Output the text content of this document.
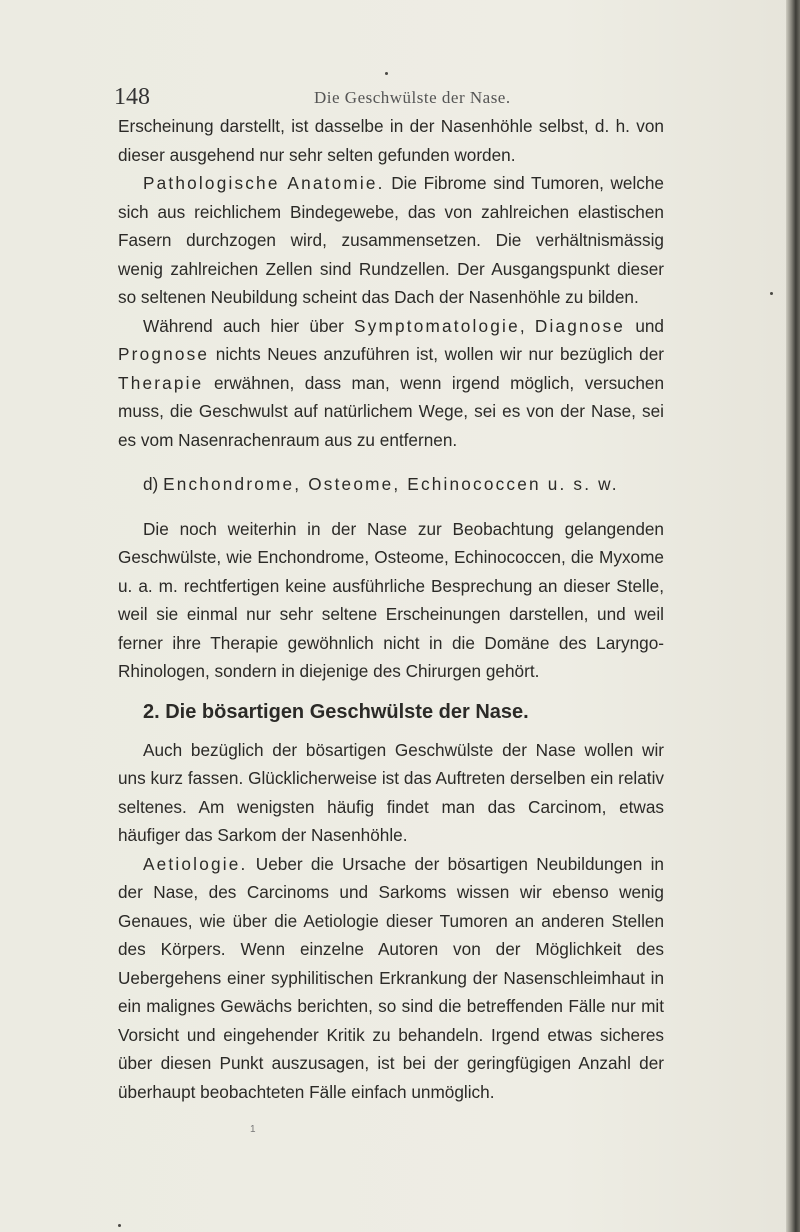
148	Die Geschwülste der Nase.

Erscheinung darstellt, ist dasselbe in der Nasenhöhle selbst, d. h. von dieser ausgehend nur sehr selten gefunden worden.

Pathologische Anatomie. Die Fibrome sind Tumoren, welche sich aus reichlichem Bindegewebe, das von zahlreichen elastischen Fasern durchzogen wird, zusammensetzen. Die verhältnismässig wenig zahlreichen Zellen sind Rundzellen. Der Ausgangspunkt dieser so seltenen Neubildung scheint das Dach der Nasenhöhle zu bilden.

Während auch hier über Symptomatologie, Diagnose und Prognose nichts Neues anzuführen ist, wollen wir nur bezüglich der Therapie erwähnen, dass man, wenn irgend möglich, versuchen muss, die Geschwulst auf natürlichem Wege, sei es von der Nase, sei es vom Nasenrachenraum aus zu entfernen.

d) Enchondrome, Osteome, Echinococcen u. s. w.

Die noch weiterhin in der Nase zur Beobachtung gelangenden Geschwülste, wie Enchondrome, Osteome, Echinococcen, die Myxome u. a. m. rechtfertigen keine ausführliche Besprechung an dieser Stelle, weil sie einmal nur sehr seltene Erscheinungen darstellen, und weil ferner ihre Therapie gewöhnlich nicht in die Domäne des Laryngo-Rhinologen, sondern in diejenige des Chirurgen gehört.

2. Die bösartigen Geschwülste der Nase.

Auch bezüglich der bösartigen Geschwülste der Nase wollen wir uns kurz fassen. Glücklicherweise ist das Auftreten derselben ein relativ seltenes. Am wenigsten häufig findet man das Carcinom, etwas häufiger das Sarkom der Nasenhöhle.

Aetiologie. Ueber die Ursache der bösartigen Neubildungen in der Nase, des Carcinoms und Sarkoms wissen wir ebenso wenig Genaues, wie über die Aetiologie dieser Tumoren an anderen Stellen des Körpers. Wenn einzelne Autoren von der Möglichkeit des Uebergehens einer syphilitischen Erkrankung der Nasenschleimhaut in ein malignes Gewächs berichten, so sind die betreffenden Fälle nur mit Vorsicht und eingehender Kritik zu behandeln. Irgend etwas sicheres über diesen Punkt auszusagen, ist bei der geringfügigen Anzahl der überhaupt beobachteten Fälle einfach unmöglich.

1
